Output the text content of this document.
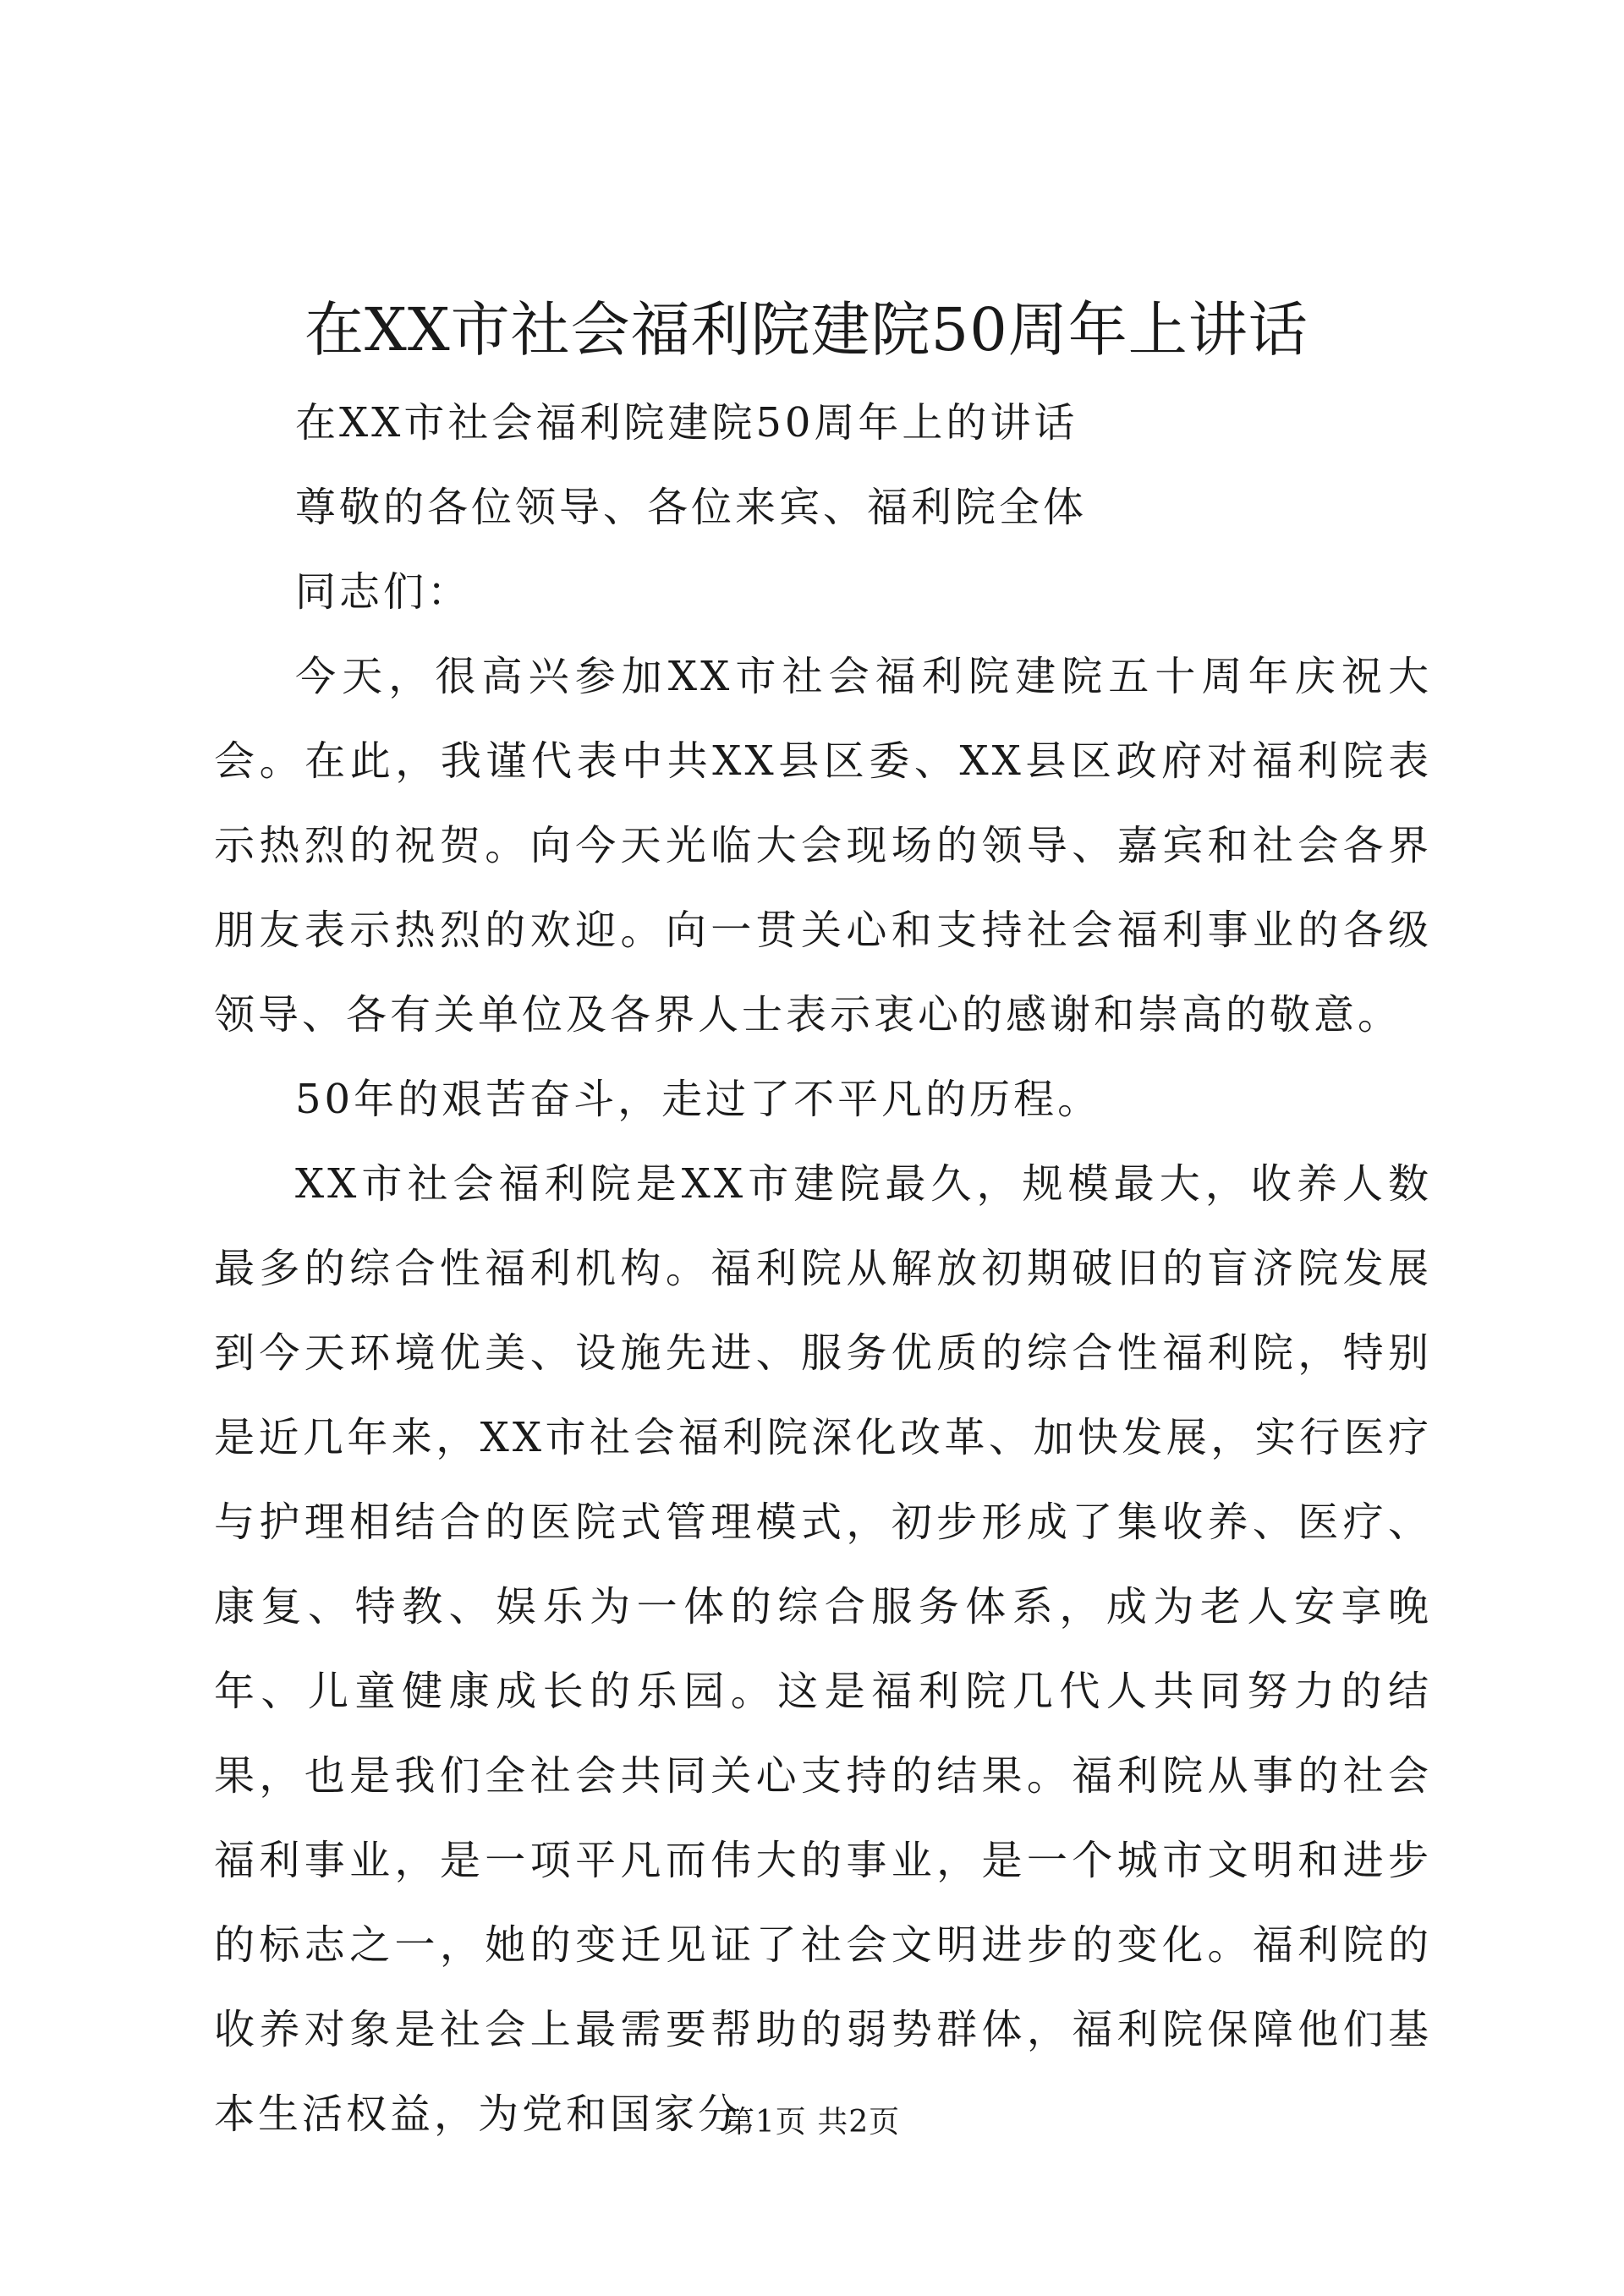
在XX市社会福利院建院50周年上讲话

在XX市社会福利院建院50周年上的讲话

尊敬的各位领导、各位来宾、福利院全体

同志们：

今天，很高兴参加XX市社会福利院建院五十周年庆祝大会。在此，我谨代表中共XX县区委、XX县区政府对福利院表示热烈的祝贺。向今天光临大会现场的领导、嘉宾和社会各界朋友表示热烈的欢迎。向一贯关心和支持社会福利事业的各级领导、各有关单位及各界人士表示衷心的感谢和崇高的敬意。

50年的艰苦奋斗，走过了不平凡的历程。

XX市社会福利院是XX市建院最久，规模最大，收养人数最多的综合性福利机构。福利院从解放初期破旧的盲济院发展到今天环境优美、设施先进、服务优质的综合性福利院，特别是近几年来，XX市社会福利院深化改革、加快发展，实行医疗与护理相结合的医院式管理模式，初步形成了集收养、医疗、康复、特教、娱乐为一体的综合服务体系，成为老人安享晚年、儿童健康成长的乐园。这是福利院几代人共同努力的结果，也是我们全社会共同关心支持的结果。福利院从事的社会福利事业，是一项平凡而伟大的事业，是一个城市文明和进步的标志之一，她的变迁见证了社会文明进步的变化。福利院的收养对象是社会上最需要帮助的弱势群体，福利院保障他们基本生活权益，为党和国家分

第1页 共2页
